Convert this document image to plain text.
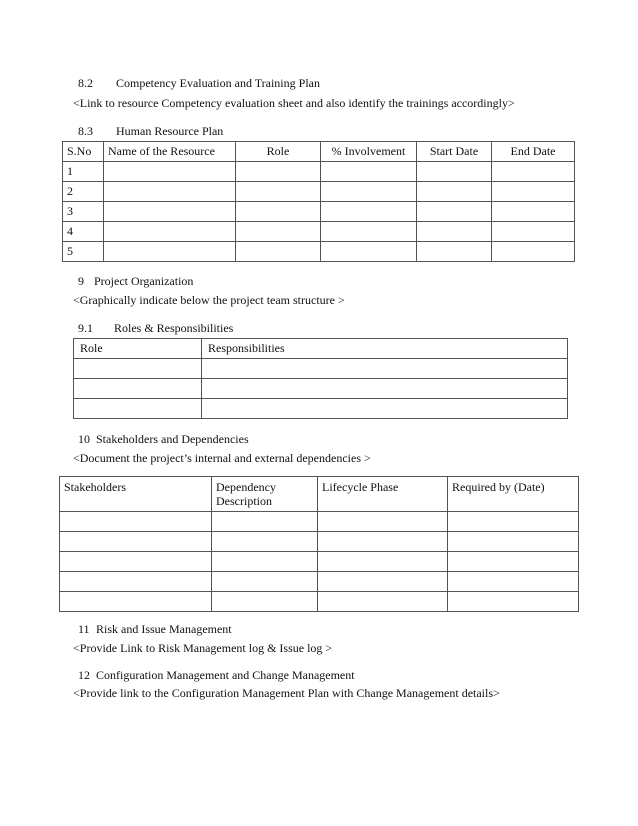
8.2 Competency Evaluation and Training Plan
<Link to resource Competency evaluation sheet and also identify the trainings accordingly>
8.3 Human Resource Plan
S.No	Name of the Resource	Role	% Involvement	Start Date	End Date
1					
2					
3					
4					
5					
9 Project Organization
<Graphically indicate below the project team structure >
9.1 Roles & Responsibilities
Role	Responsibilities

10 Stakeholders and Dependencies
<Document the project’s internal and external dependencies >
Stakeholders	Dependency Description	Lifecycle Phase	Required by (Date)

11 Risk and Issue Management
<Provide Link to Risk Management log & Issue log >
12 Configuration Management and Change Management
<Provide link to the Configuration Management Plan with Change Management details>
